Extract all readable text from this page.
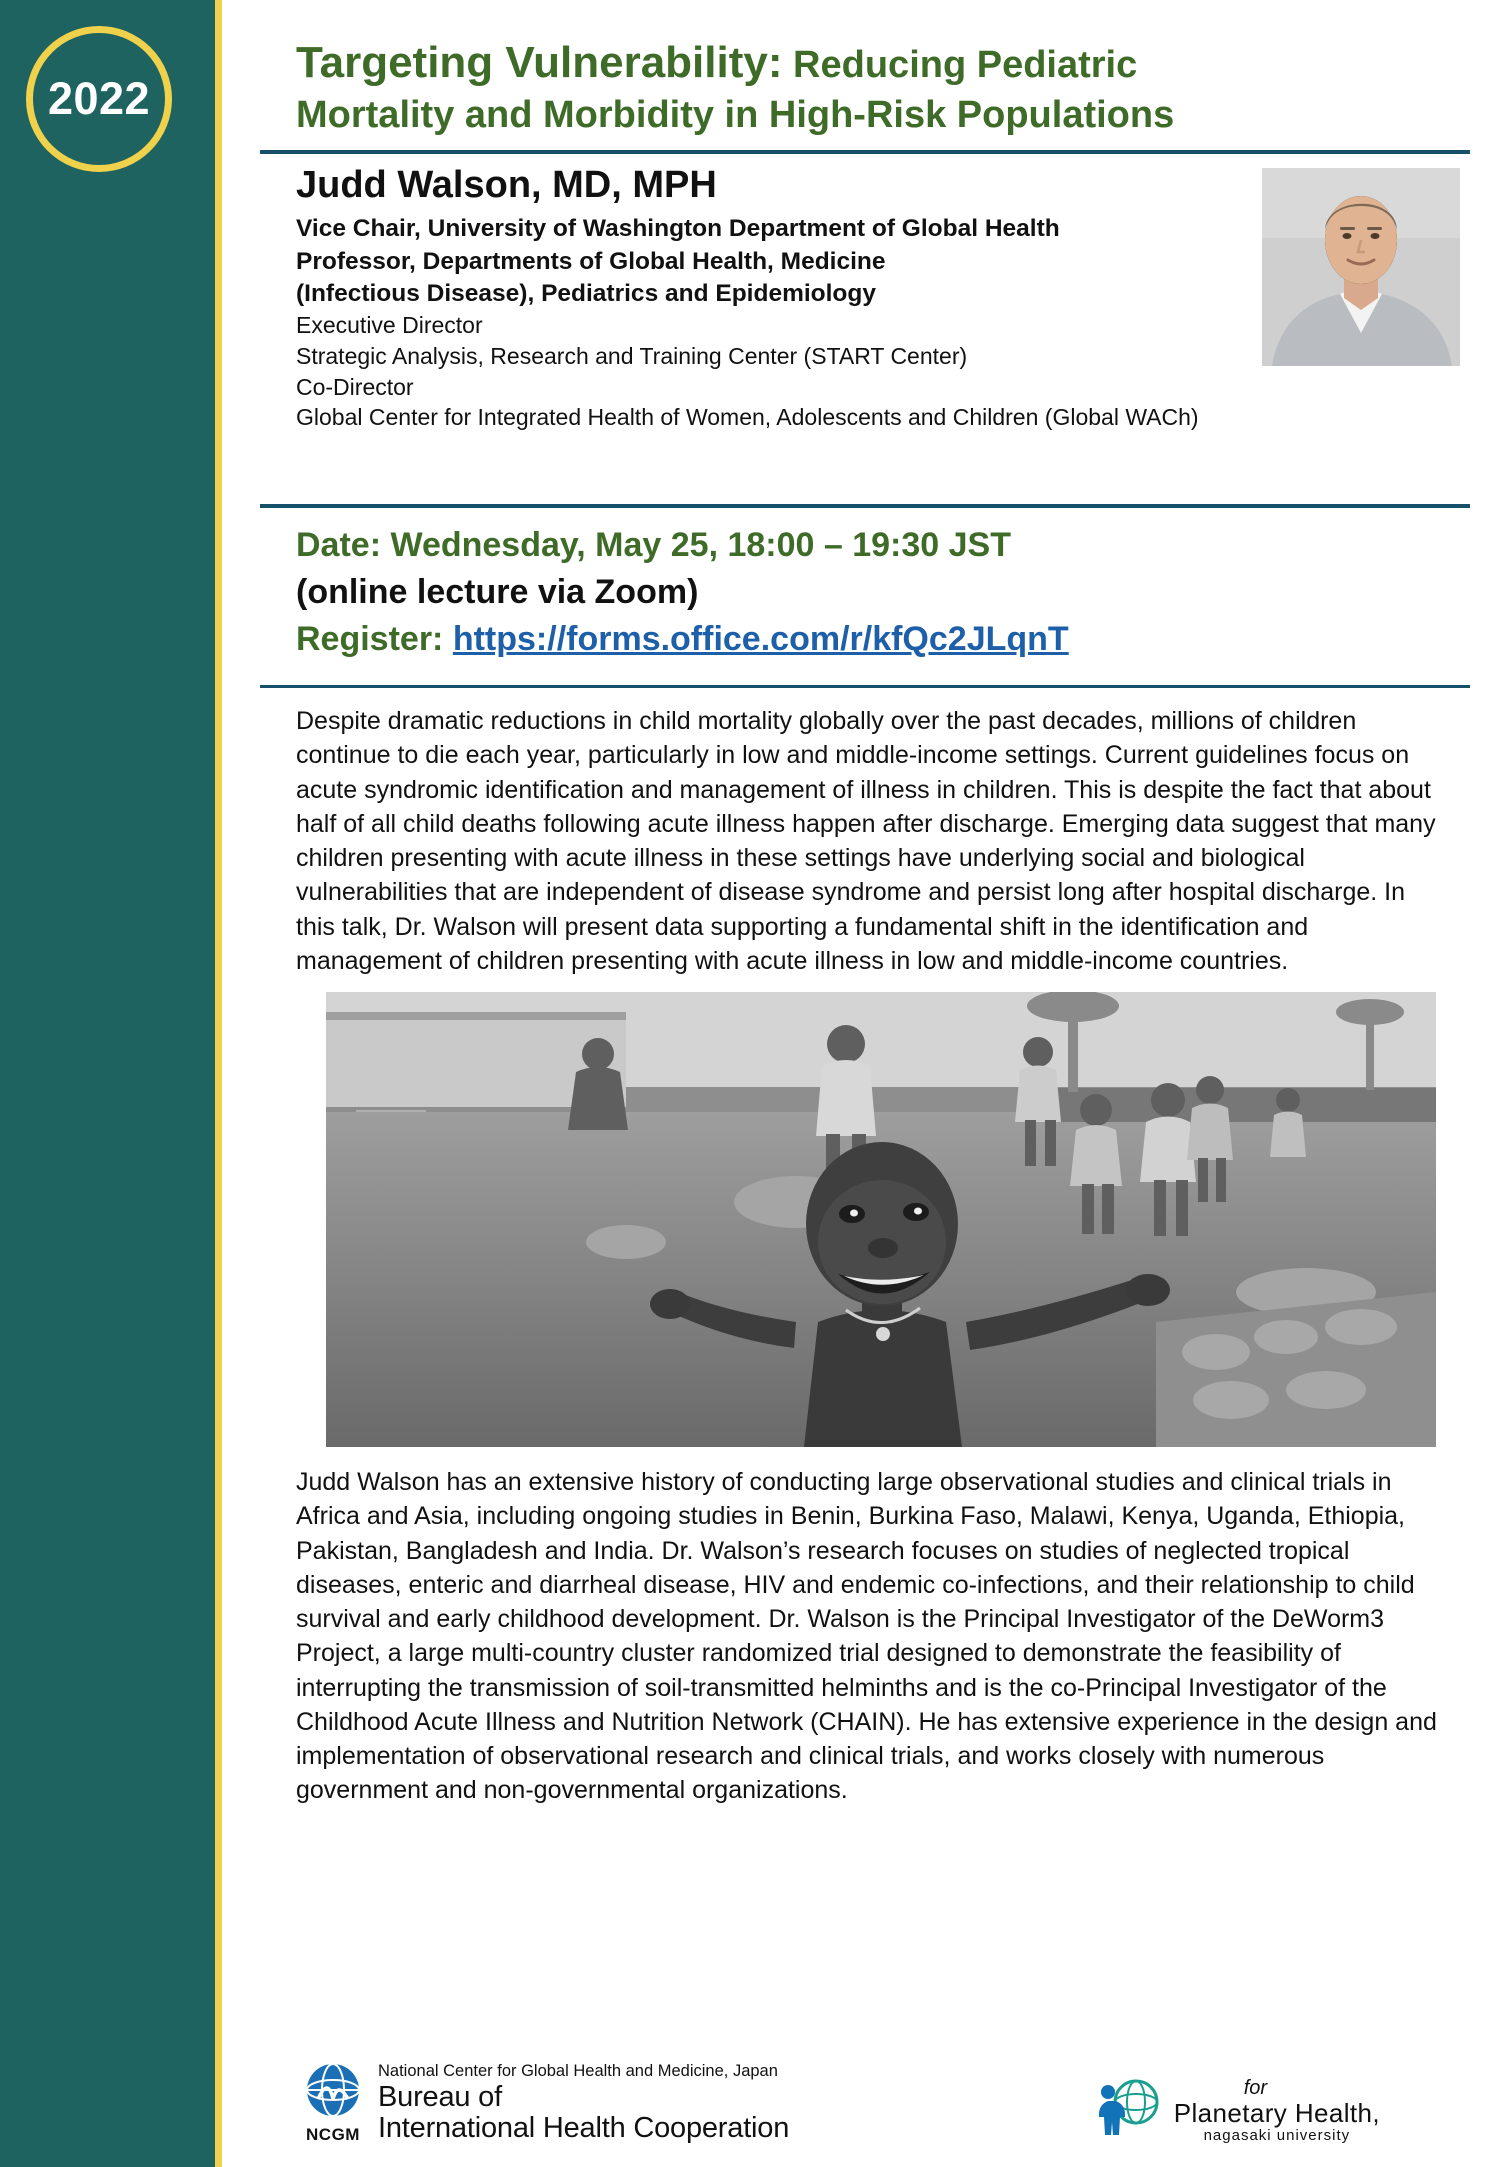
2022
Targeting Vulnerability: Reducing Pediatric
Mortality and Morbidity in High-Risk Populations
Judd Walson, MD, MPH
Vice Chair, University of Washington Department of Global Health
Professor, Departments of Global Health, Medicine
(Infectious Disease), Pediatrics and Epidemiology
Executive Director
Strategic Analysis, Research and Training Center (START Center)
Co-Director
Global Center for Integrated Health of Women, Adolescents and Children (Global WACh)
Date: Wednesday, May 25, 18:00 – 19:30 JST
(online lecture via Zoom)
Register: https://forms.office.com/r/kfQc2JLqnT
Despite dramatic reductions in child mortality globally over the past decades, millions of children continue to die each year, particularly in low and middle-income settings. Current guidelines focus on acute syndromic identification and management of illness in children. This is despite the fact that about half of all child deaths following acute illness happen after discharge. Emerging data suggest that many children presenting with acute illness in these settings have underlying social and biological vulnerabilities that are independent of disease syndrome and persist long after hospital discharge. In this talk, Dr. Walson will present data supporting a fundamental shift in the identification and management of children presenting with acute illness in low and middle-income countries.
Judd Walson has an extensive history of conducting large observational studies and clinical trials in Africa and Asia, including ongoing studies in Benin, Burkina Faso, Malawi, Kenya, Uganda, Ethiopia, Pakistan, Bangladesh and India. Dr. Walson’s research focuses on studies of neglected tropical diseases, enteric and diarrheal disease, HIV and endemic co-infections, and their relationship to child survival and early childhood development. Dr. Walson is the Principal Investigator of the DeWorm3 Project, a large multi-country cluster randomized trial designed to demonstrate the feasibility of interrupting the transmission of soil-transmitted helminths and is the co-Principal Investigator of the Childhood Acute Illness and Nutrition Network (CHAIN). He has extensive experience in the design and implementation of observational research and clinical trials, and works closely with numerous government and non-governmental organizations.
NCGM
National Center for Global Health and Medicine, Japan
Bureau of
International Health Cooperation
for
Planetary Health,
nagasaki university
